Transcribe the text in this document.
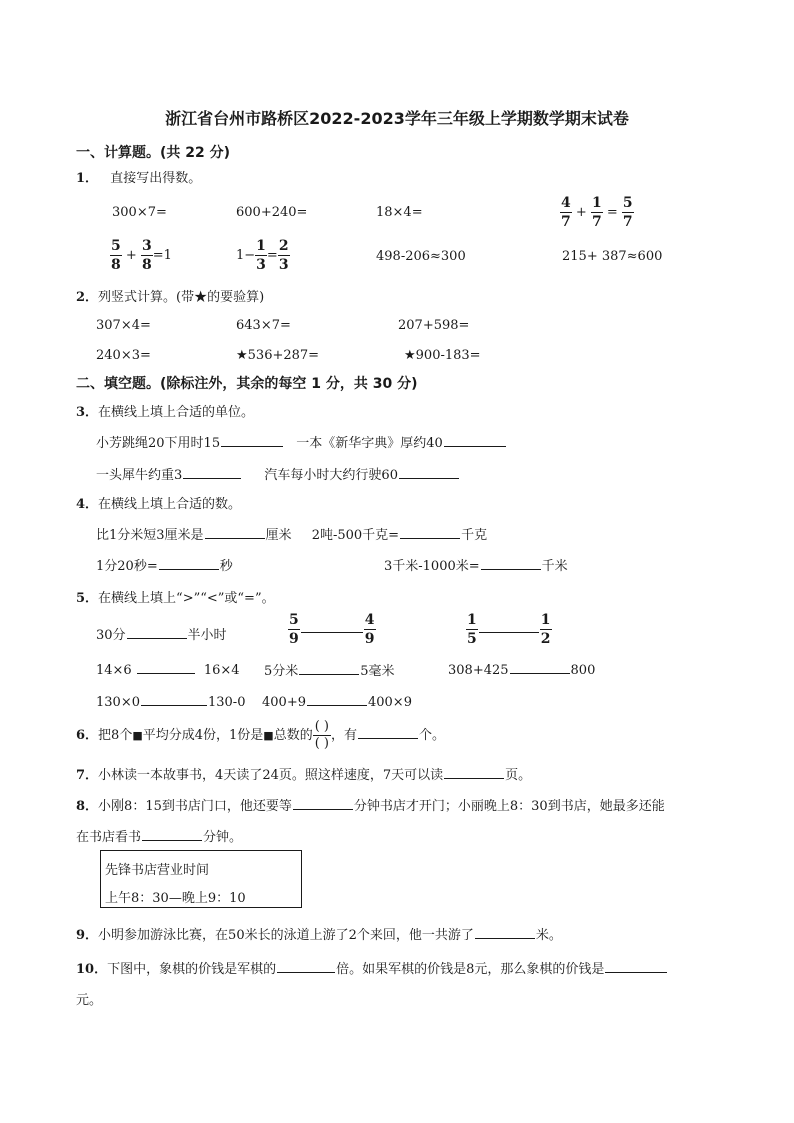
浙江省台州市路桥区2022-2023学年三年级上学期数学期末试卷
一、计算题。(共 22 分)
1． 直接写出得数。
300×7=	600+240=	18×4=	$\frac{4}{7} + \frac{1}{7} = \frac{5}{7}$
$\frac{5}{8} + \frac{3}{8} =1$	$1- \frac{1}{3} = \frac{2}{3}$	498-206≈300	215+ 387≈600
2．列竖式计算。(带★的要验算)
307×4=	643×7=	207+598=
240×3=	★536+287=	★900-183=
二、填空题。(除标注外，其余的每空 1 分，共 30 分)
3．在横线上填上合适的单位。
小芳跳绳20下用时15	一本《新华字典》厚约40
一头犀牛约重3	汽车每小时大约行驶60
4．在横线上填上合适的数。
比1分米短3厘米是	厘米 2吨-500千克=	千克
1分20秒=	秒	3千米-1000米=	千米
5．在横线上填上“>”“<”或“=”。
30分	半小时	$\frac{5}{9}$	$\frac{4}{9}$	$\frac{1}{5}$	$\frac{1}{2}$
14×6	16×4 5分米	5毫米	308+425	800
130×0	130-0 400+9	400×9
6．把8个■平均分成4份，1份是■总数的
( )
( )
，有	个。
7．小林读一本故事书，4天读了24页。照这样速度，7天可以读	页。
8．小刚8：15到书店门口，他还要等	分钟书店才开门；小丽晚上8：30到书店，她最多还能
在书店看书	分钟。
先锋书店营业时间
上午8：30—晚上9：10
9．小明参加游泳比赛，在50米长的泳道上游了2个来回，他一共游了	米。
10．下图中，象棋的价钱是军棋的	倍。如果军棋的价钱是8元，那么象棋的价钱是
元。
